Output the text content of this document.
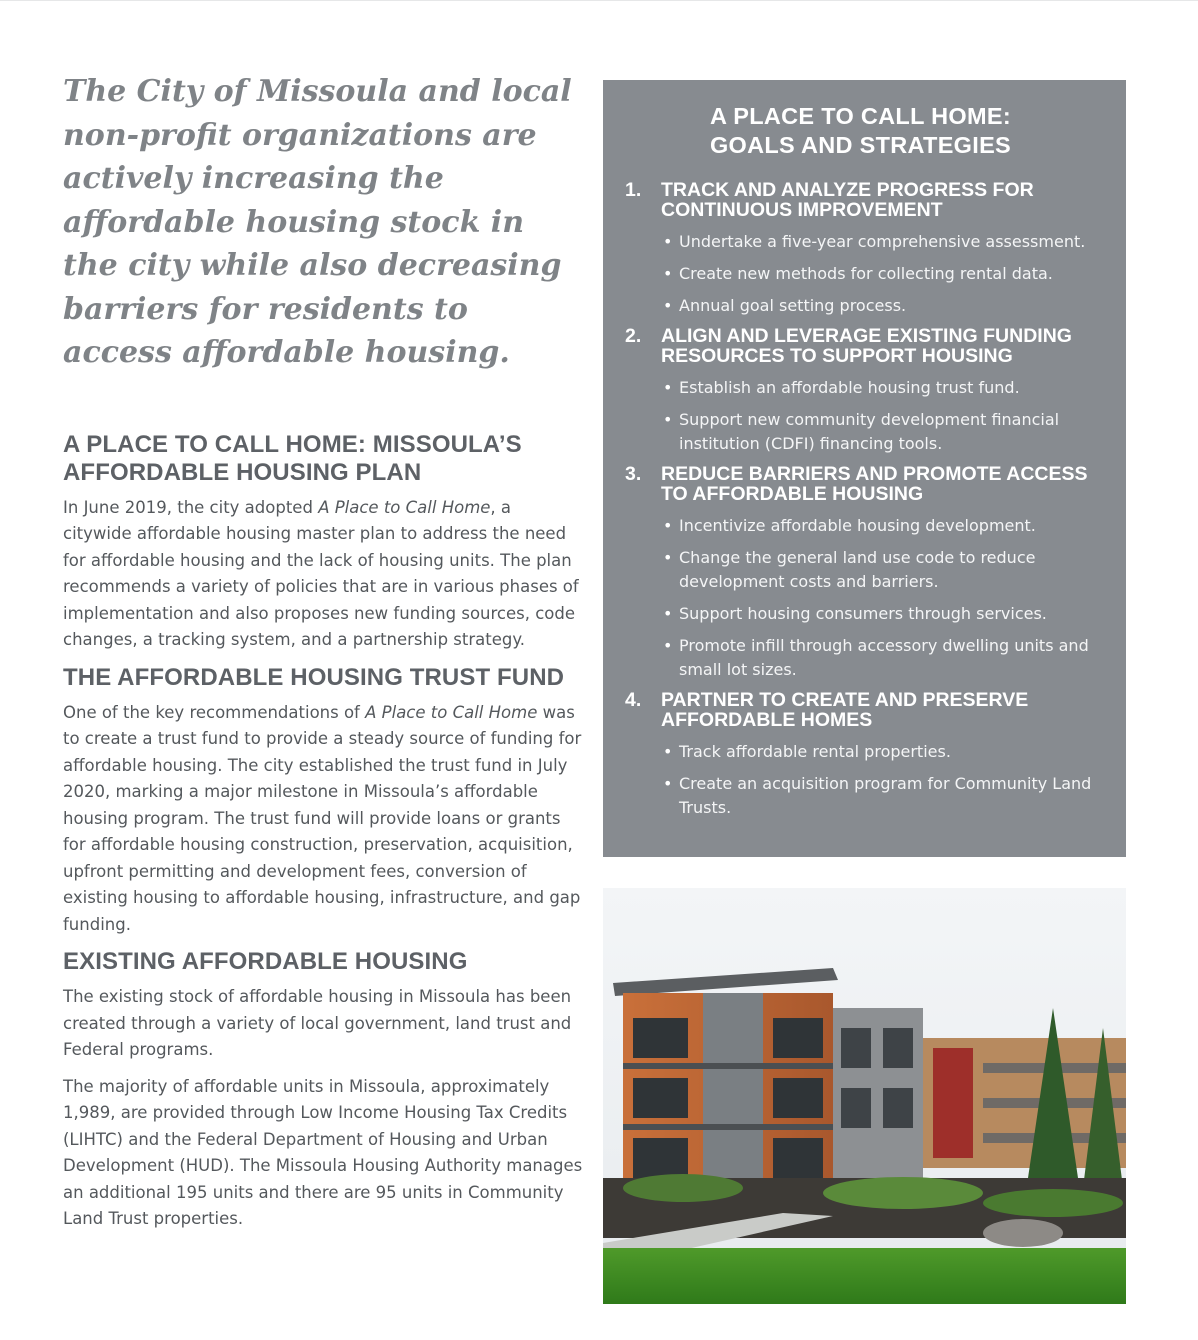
The City of Missoula and local non-profit organizations are actively increasing the affordable housing stock in the city while also decreasing barriers for residents to access affordable housing.

A PLACE TO CALL HOME: MISSOULA’S
AFFORDABLE HOUSING PLAN

In June 2019, the city adopted A Place to Call Home, a citywide affordable housing master plan to address the need for affordable housing and the lack of housing units. The plan recommends a variety of policies that are in various phases of implementation and also proposes new funding sources, code changes, a tracking system, and a partnership strategy.

THE AFFORDABLE HOUSING TRUST FUND

One of the key recommendations of A Place to Call Home was to create a trust fund to provide a steady source of funding for affordable housing. The city established the trust fund in July 2020, marking a major milestone in Missoula’s affordable housing program. The trust fund will provide loans or grants for affordable housing construction, preservation, acquisition, upfront permitting and development fees, conversion of existing housing to affordable housing, infrastructure, and gap funding.

EXISTING AFFORDABLE HOUSING

The existing stock of affordable housing in Missoula has been created through a variety of local government, land trust and Federal programs.

The majority of affordable units in Missoula, approximately 1,989, are provided through Low Income Housing Tax Credits (LIHTC) and the Federal Department of Housing and Urban Development (HUD). The Missoula Housing Authority manages an additional 195 units and there are 95 units in Community Land Trust properties.

A PLACE TO CALL HOME:
GOALS AND STRATEGIES
1.	TRACK AND ANALYZE PROGRESS FOR CONTINUOUS IMPROVEMENT
• Undertake a five-year comprehensive assessment.
• Create new methods for collecting rental data.
• Annual goal setting process.
2.	ALIGN AND LEVERAGE EXISTING FUNDING RESOURCES TO SUPPORT HOUSING
• Establish an affordable housing trust fund.
• Support new community development financial institution (CDFI) financing tools.
3.	REDUCE BARRIERS AND PROMOTE ACCESS TO AFFORDABLE HOUSING
• Incentivize affordable housing development.
• Change the general land use code to reduce development costs and barriers.
• Support housing consumers through services.
• Promote infill through accessory dwelling units and small lot sizes.
4.	PARTNER TO CREATE AND PRESERVE AFFORDABLE HOMES
• Track affordable rental properties.
• Create an acquisition program for Community Land Trusts.
